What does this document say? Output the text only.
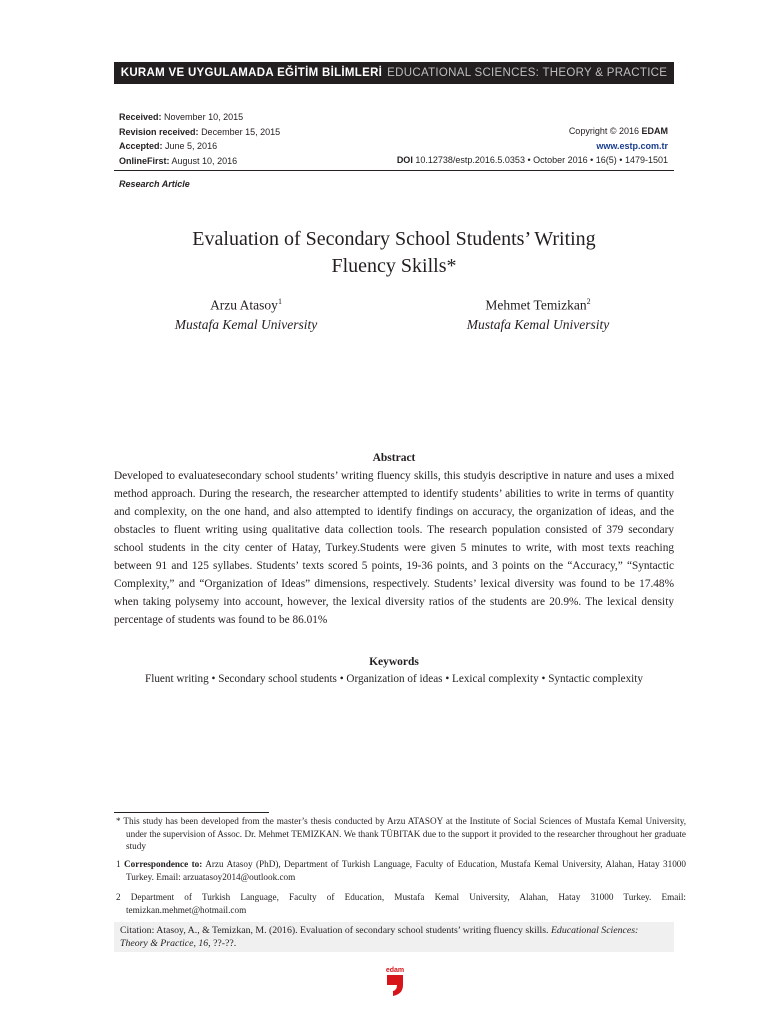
KURAM VE UYGULAMADA EĞİTİM BİLİMLERİ EDUCATIONAL SCIENCES: THEORY & PRACTICE
Received: November 10, 2015
Revision received: December 15, 2015
Accepted: June 5, 2016
OnlineFirst: August 10, 2016
Copyright © 2016 EDAM
www.estp.com.tr
DOI 10.12738/estp.2016.5.0353 • October 2016 • 16(5) • 1479-1501
Research Article
Evaluation of Secondary School Students’ Writing
Fluency Skills*
Arzu Atasoy$^1$
Mustafa Kemal University
Mehmet Temizkan$^2$
Mustafa Kemal University
Abstract
Developed to evaluatesecondary school students’ writing fluency skills, this studyis descriptive in nature and uses a mixed method approach. During the research, the researcher attempted to identify students’ abilities to write in terms of quantity and complexity, on the one hand, and also attempted to identify findings on accuracy, the organization of ideas, and the obstacles to fluent writing using qualitative data collection tools. The research population consisted of 379 secondary school students in the city center of Hatay, Turkey.Students were given 5 minutes to write, with most texts reaching between 91 and 125 syllabes. Students’ texts scored 5 points, 19-36 points, and 3 points on the “Accuracy,” “Syntactic Complexity,” and “Organization of Ideas” dimensions, respectively. Students’ lexical diversity was found to be 17.48% when taking polysemy into account, however, the lexical diversity ratios of the students are 20.9%. The lexical density percentage of students was found to be 86.01%
Keywords
Fluent writing • Secondary school students • Organization of ideas • Lexical complexity • Syntactic complexity
* This study has been developed from the master’s thesis conducted by Arzu ATASOY at the Institute of Social Sciences of Mustafa Kemal University, under the supervision of Assoc. Dr. Mehmet TEMIZKAN. We thank TÜBITAK due to the support it provided to the researcher throughout her graduate study
1 Correspondence to: Arzu Atasoy (PhD), Department of Turkish Language, Faculty of Education, Mustafa Kemal University, Alahan, Hatay 31000 Turkey. Email: arzuatasoy2014@outlook.com
2 Department of Turkish Language, Faculty of Education, Mustafa Kemal University, Alahan, Hatay 31000 Turkey. Email: temizkan.mehmet@hotmail.com
Citation: Atasoy, A., & Temizkan, M. (2016). Evaluation of secondary school students’ writing fluency skills. Educational Sciences: Theory & Practice, 16, ??-??.
edam
